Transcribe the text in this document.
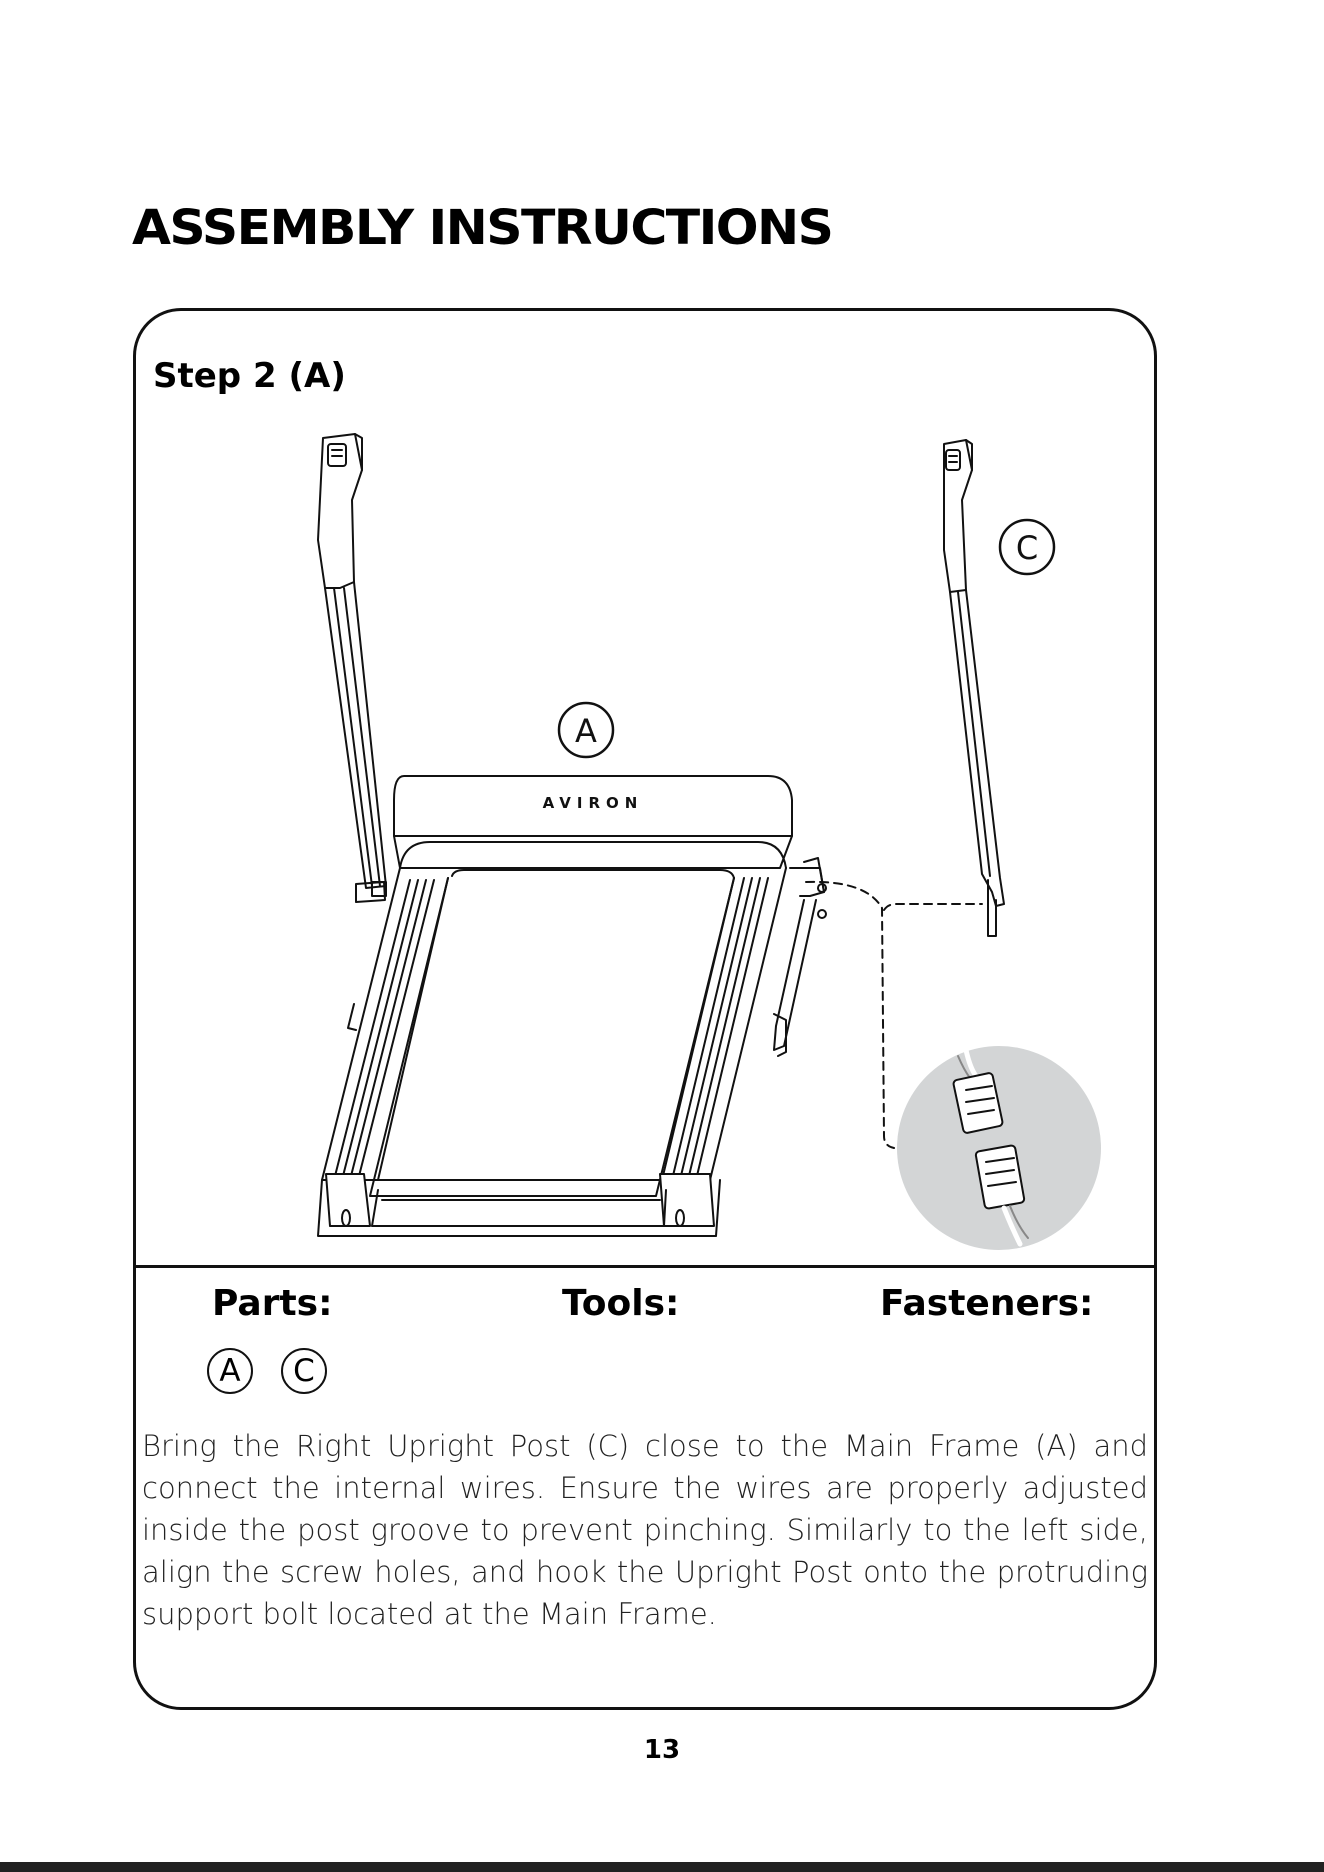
ASSEMBLY INSTRUCTIONS
Step 2 (A)
AVIRON
A
C
Parts:	Tools:	Fasteners:
A	C

Bring the Right Upright Post (C) close to the Main Frame (A) and connect the internal wires. Ensure the wires are properly adjusted inside the post groove to prevent pinching. Similarly to the left side, align the screw holes, and hook the Upright Post onto the protruding support bolt located at the Main Frame.

13
